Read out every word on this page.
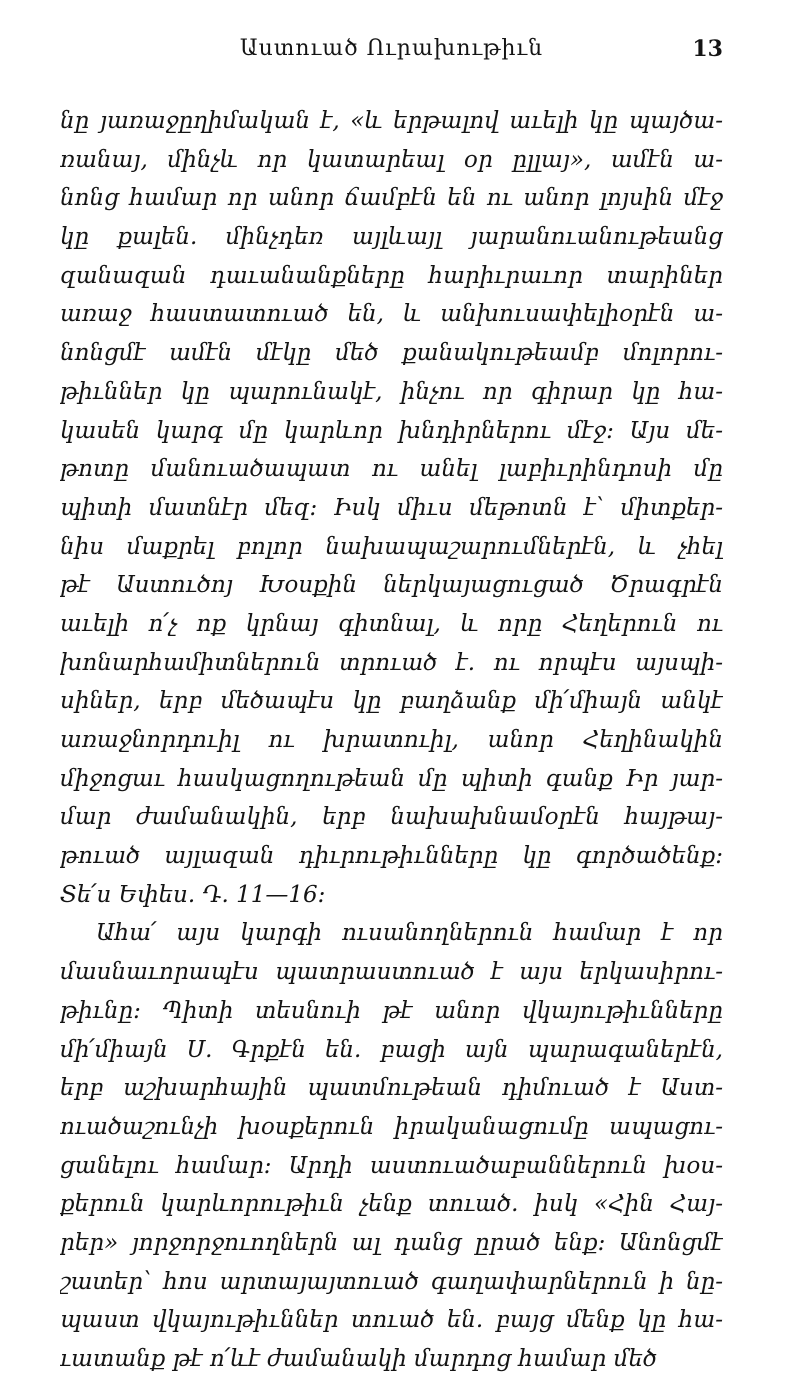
Աստուած Ուրախութիւն	13
նը յառաջըղիմական է, «և երթալով աւելի կը պայծա-
ռանայ, մինչև որ կատարեալ օր ըլլայ», ամէն ա-
նոնց համար որ անոր ճամբէն են ու անոր լոյսին մէջ
կը քալեն. մինչդեռ այլևայլ յարանուանութեանց
զանազան դաւանանքները հարիւրաւոր տարիներ
առաջ հաստատուած են, և անխուսափելիօրէն ա-
նոնցմէ ամէն մէկը մեծ քանակութեամբ մոլորու-
թիւններ կը պարունակէ, ինչու որ գիրար կը հա-
կասեն կարգ մը կարևոր խնդիրներու մէջ: Այս մե-
թոտը մանուածապատ ու անել լաբիւրինդոսի մը
պիտի մատնէր մեզ: Իսկ միւս մեթոտն է՝ միտքեր-
նիս մաքրել բոլոր նախապաշարումներէն, և չհել
թէ Աստուծոյ Խօսքին ներկայացուցած Ծրագրէն
աւելի ո՛չ ոք կրնայ գիտնալ, և որը Հեղերուն ու
խոնարհամիտներուն տրուած է. ու որպէս այսպի-
սիներ, երբ մեծապէս կը բաղձանք մի՛միայն անկէ
առաջնորդուիլ ու խրատուիլ, անոր Հեղինակին
միջոցաւ հասկացողութեան մը պիտի գանք Իր յար-
մար ժամանակին, երբ նախախնամօրէն հայթայ-
թուած այլազան դիւրութիւնները կը գործածենք:
Տե՛ս Եփես. Դ. 11—16:
Ահա՛ այս կարգի ուսանողներուն համար է որ
մասնաւորապէս պատրաստուած է այս երկասիրու-
թիւնը: Պիտի տեսնուի թէ անոր վկայութիւնները
մի՛միայն Ս. Գրքէն են. բացի այն պարագաներէն,
երբ աշխարհային պատմութեան դիմուած է Աստ-
ուածաշունչի խօսքերուն իրականացումը ապացու-
ցանելու համար: Արդի աստուածաբաններուն խօս-
քերուն կարևորութիւն չենք տուած. իսկ «Հին Հայ-
րեր» յորջորջուողներն ալ դանց ըրած ենք: Անոնցմէ
շատեր՝ հոս արտայայտուած գաղափարներուն ի նը-
պաստ վկայութիւններ տուած են. բայց մենք կը հա-
ւատանք թէ ո՛ևէ ժամանակի մարդոց համար մեծ
